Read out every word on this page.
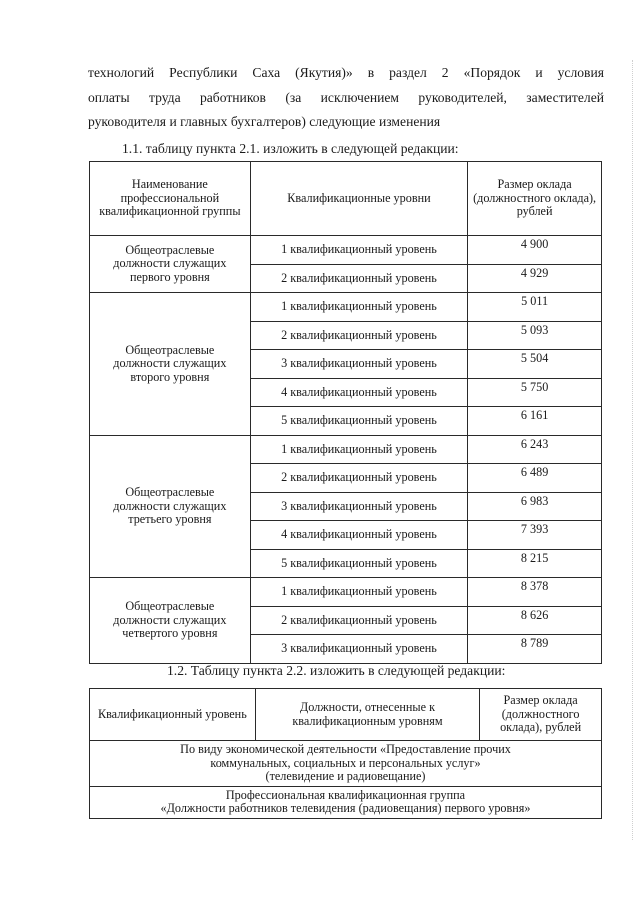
технологий Республики Саха (Якутия)» в раздел 2 «Порядок и условия
оплаты труда работников (за исключением руководителей, заместителей
руководителя и главных бухгалтеров) следующие изменения
1.1. таблицу пункта 2.1. изложить в следующей редакции:
Наименование профессиональной квалификационной группы	Квалификационные уровни	Размер оклада (должностного оклада), рублей
Общеотраслевые должности служащих первого уровня	1 квалификационный уровень	4 900
	2 квалификационный уровень	4 929
Общеотраслевые должности служащих второго уровня	1 квалификационный уровень	5 011
	2 квалификационный уровень	5 093
	3 квалификационный уровень	5 504
	4 квалификационный уровень	5 750
	5 квалификационный уровень	6 161
Общеотраслевые должности служащих третьего уровня	1 квалификационный уровень	6 243
	2 квалификационный уровень	6 489
	3 квалификационный уровень	6 983
	4 квалификационный уровень	7 393
	5 квалификационный уровень	8 215
Общеотраслевые должности служащих четвертого уровня	1 квалификационный уровень	8 378
	2 квалификационный уровень	8 626
	3 квалификационный уровень	8 789
1.2. Таблицу пункта 2.2. изложить в следующей редакции:
Квалификационный уровень	Должности, отнесенные к квалификационным уровням	Размер оклада (должностного оклада), рублей

По виду экономической деятельности «Предоставление прочих
коммунальных, социальных и персональных услуг»
(телевидение и радиовещание)

Профессиональная квалификационная группа
«Должности работников телевидения (радиовещания) первого уровня»
